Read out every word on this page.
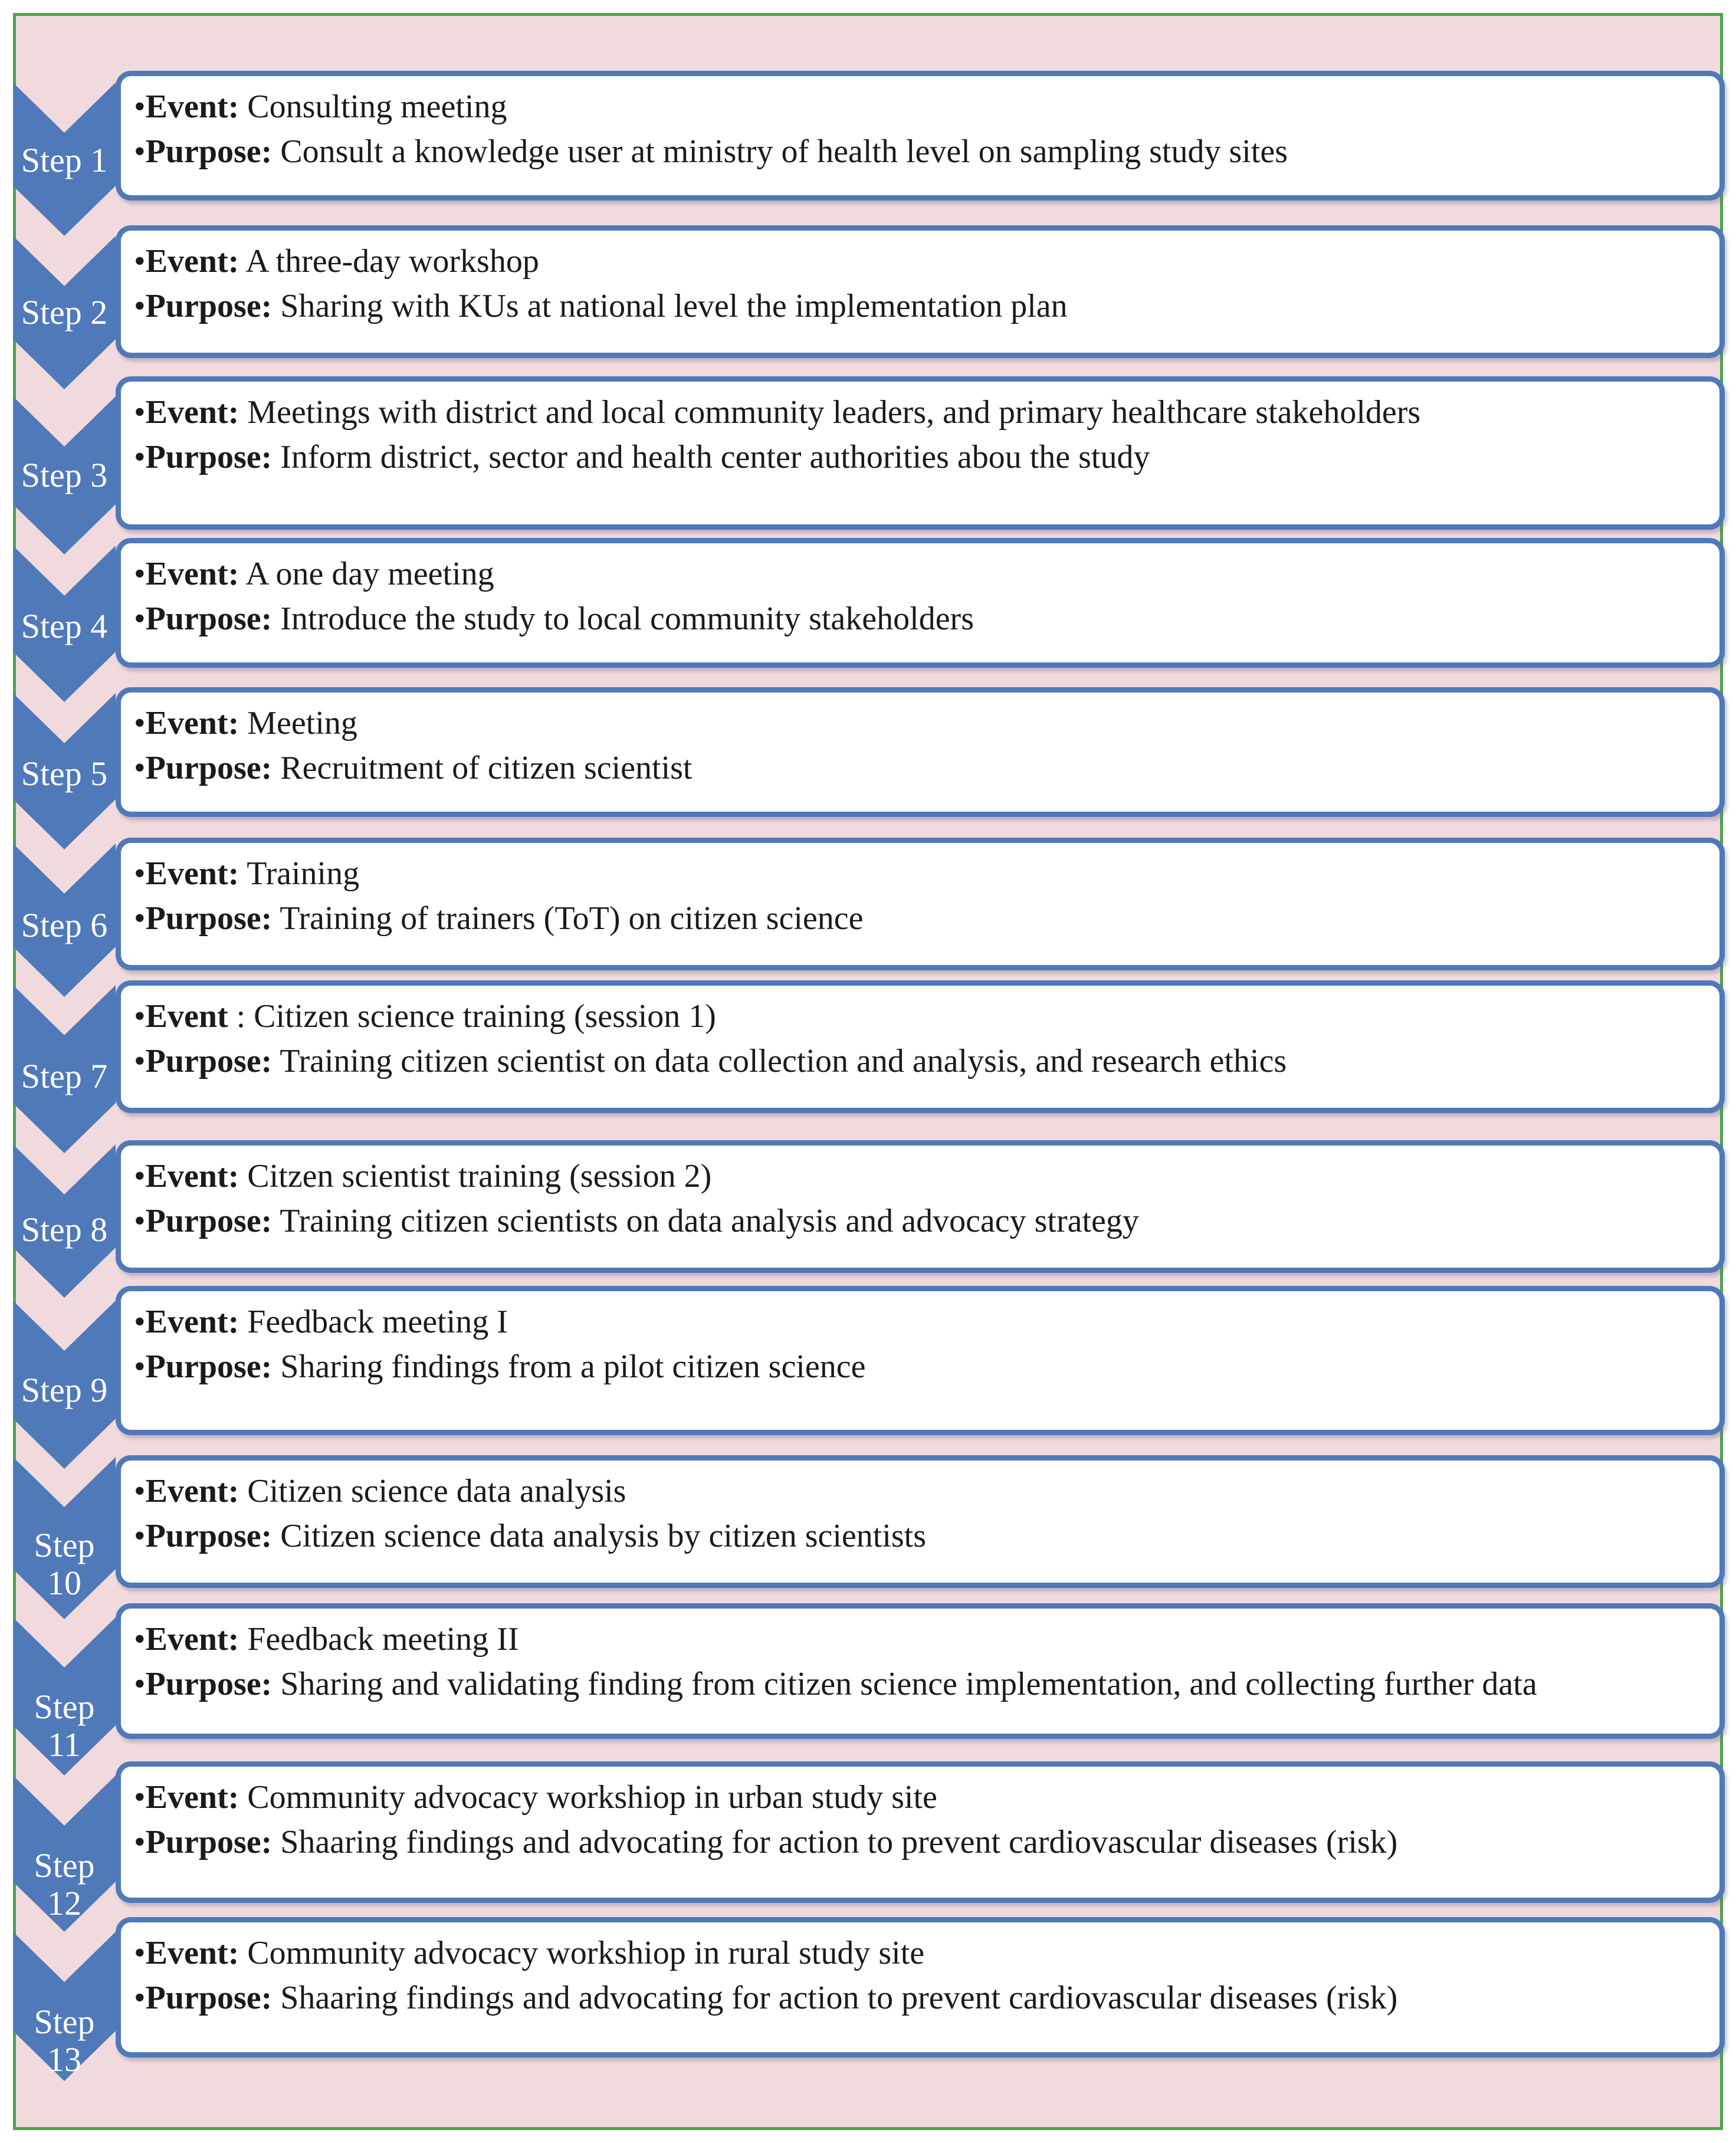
Step 1
•Event: Consulting meeting
•Purpose: Consult a knowledge user at ministry of health level on sampling study sites
Step 2
•Event: A three-day workshop
•Purpose: Sharing with KUs at national level the implementation plan
Step 3
•Event: Meetings with district and local community leaders, and primary healthcare stakeholders
•Purpose: Inform district, sector and health center authorities abou the study
Step 4
•Event: A one day meeting
•Purpose: Introduce the study to local community stakeholders
Step 5
•Event: Meeting
•Purpose: Recruitment of citizen scientist
Step 6
•Event: Training
•Purpose: Training of trainers (ToT) on citizen science
Step 7
•Event : Citizen science training (session 1)
•Purpose: Training citizen scientist on data collection and analysis, and research ethics
Step 8
•Event: Citzen scientist training (session 2)
•Purpose: Training citizen scientists on data analysis and advocacy strategy
Step 9
•Event: Feedback meeting I
•Purpose: Sharing findings from a pilot citizen science
Step
10
•Event: Citizen science data analysis
•Purpose: Citizen science data analysis by citizen scientists
Step
11
•Event: Feedback meeting II
•Purpose: Sharing and validating finding from citizen science implementation, and collecting further data
Step
12
•Event: Community advocacy workshiop in urban study site
•Purpose: Shaaring findings and advocating for action to prevent cardiovascular diseases (risk)
Step
13
•Event: Community advocacy workshiop in rural study site
•Purpose: Shaaring findings and advocating for action to prevent cardiovascular diseases (risk)
